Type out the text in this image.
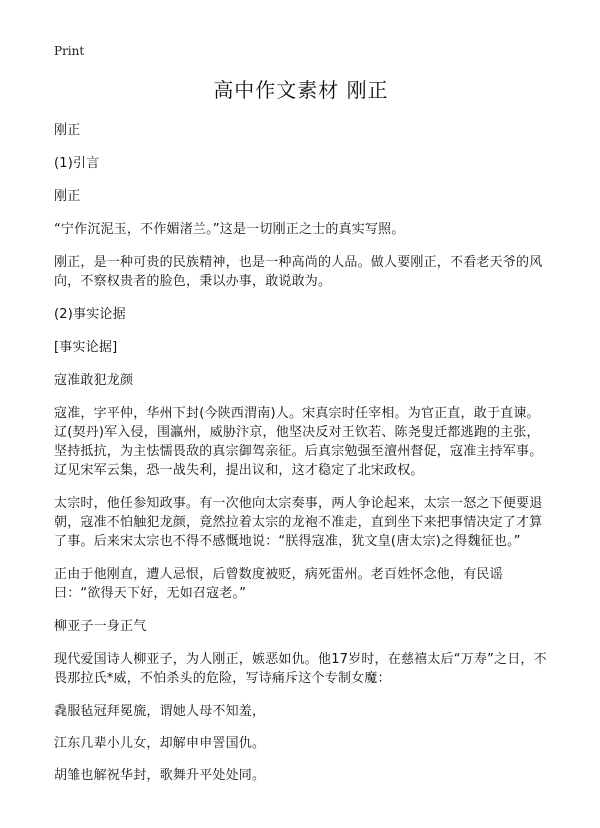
Print
高中作文素材 刚正

刚正

(1)引言

刚正

“宁作沉泥玉，不作媚渚兰。”这是一切刚正之士的真实写照。

刚正，是一种可贵的民族精神，也是一种高尚的人品。做人要刚正，不看老天爷的风向，不察权贵者的脸色，秉以办事，敢说敢为。

(2)事实论据

[事实论据]

寇准敢犯龙颜

寇准，字平仲，华州下封(今陕西渭南)人。宋真宗时任宰相。为官正直，敢于直谏。辽(契丹)军入侵，围瀛州，威胁汴京，他坚决反对王钦若、陈尧叟迁都逃跑的主张，坚持抵抗，为主怯懦畏敌的真宗御驾亲征。后真宗勉强至澶州督促，寇准主持军事。辽见宋军云集，恐一战失利，提出议和，这才稳定了北宋政权。

太宗时，他任参知政事。有一次他向太宗奏事，两人争论起来，太宗一怒之下便要退朝，寇准不怕触犯龙颜，竟然拉着太宗的龙袍不准走，直到坐下来把事情决定了才算了事。后来宋太宗也不得不感慨地说：“朕得寇准，犹文皇(唐太宗)之得魏征也。”

正由于他刚直，遭人忌恨，后曾数度被贬，病死雷州。老百姓怀念他，有民谣曰：“欲得天下好，无如召寇老。”

柳亚子一身正气

现代爱国诗人柳亚子，为人刚正，嫉恶如仇。他17岁时，在慈禧太后“万寿”之日，不畏那拉氏*威，不怕杀头的危险，写诗痛斥这个专制女魔：

毳服毡冠拜冕旒，谓她人母不知羞，

江东几辈小儿女，却解申申詈国仇。

胡雏也解祝华封，歌舞升平处处同。
